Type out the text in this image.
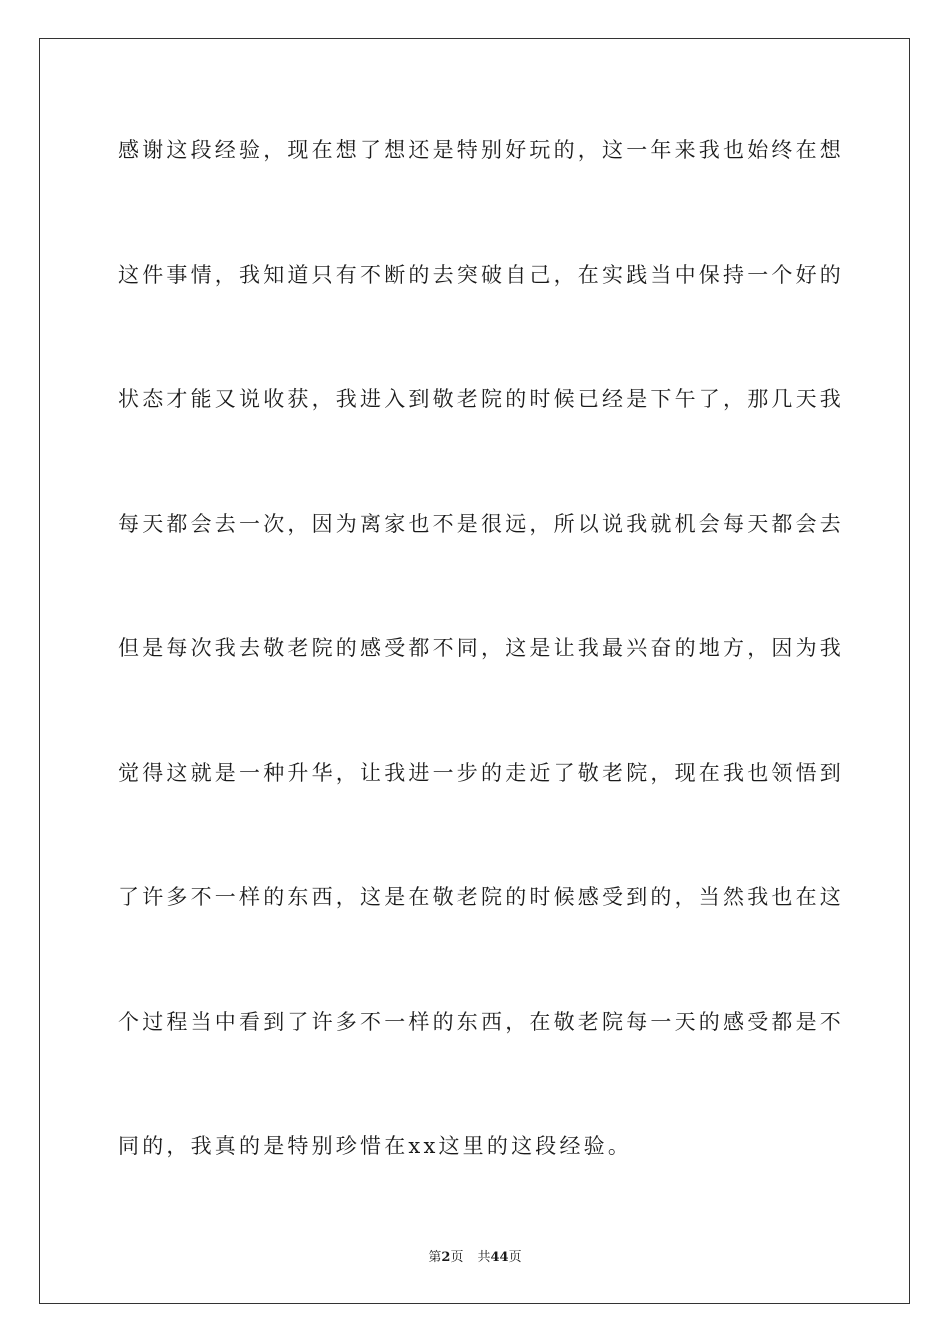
感谢这段经验，现在想了想还是特别好玩的，这一年来我也始终在想
这件事情，我知道只有不断的去突破自己，在实践当中保持一个好的
状态才能又说收获，我进入到敬老院的时候已经是下午了，那几天我
每天都会去一次，因为离家也不是很远，所以说我就机会每天都会去
但是每次我去敬老院的感受都不同，这是让我最兴奋的地方，因为我
觉得这就是一种升华，让我进一步的走近了敬老院，现在我也领悟到
了许多不一样的东西，这是在敬老院的时候感受到的，当然我也在这
个过程当中看到了许多不一样的东西，在敬老院每一天的感受都是不
同的，我真的是特别珍惜在xx这里的这段经验。
第2页 共44页
